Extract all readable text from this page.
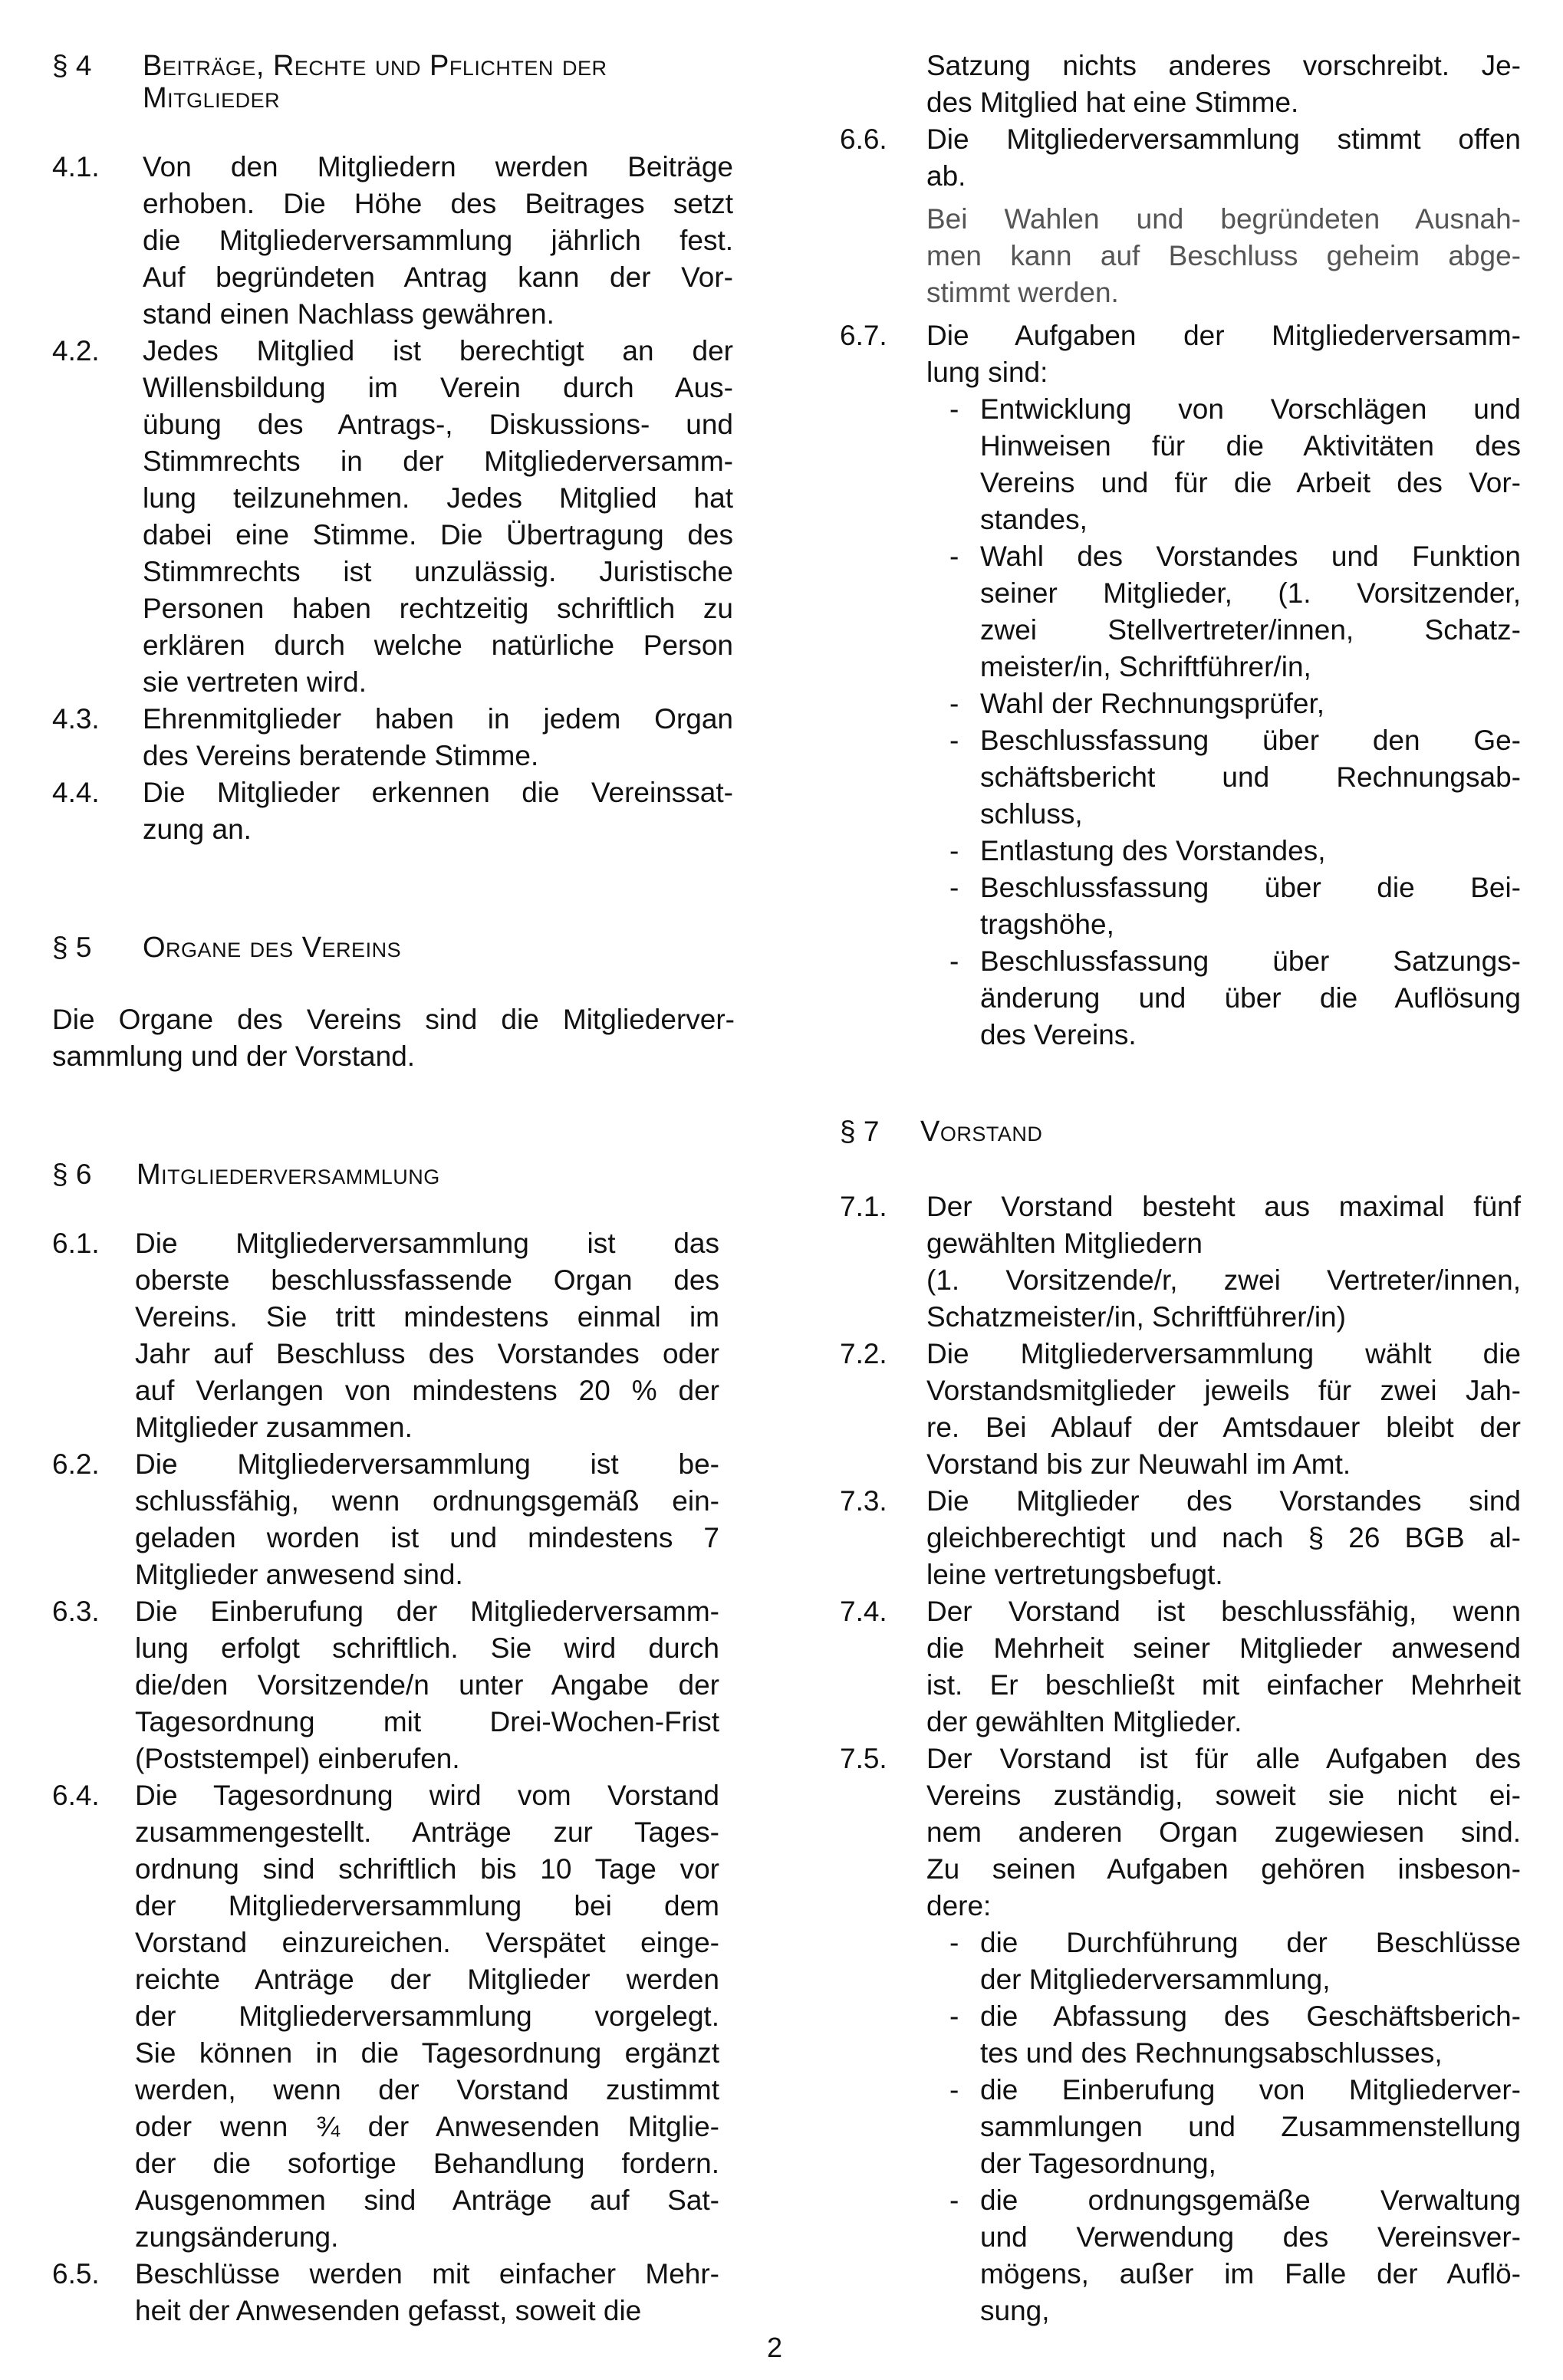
§ 4 Beiträge, Rechte und Pflichten der
Mitglieder
4.1. Von den Mitgliedern werden Beiträge
erhoben. Die Höhe des Beitrages setzt
die Mitgliederversammlung jährlich fest.
Auf begründeten Antrag kann der Vor-
stand einen Nachlass gewähren.
4.2. Jedes Mitglied ist berechtigt an der
Willensbildung im Verein durch Aus-
übung des Antrags-, Diskussions- und
Stimmrechts in der Mitgliederversamm-
lung teilzunehmen. Jedes Mitglied hat
dabei eine Stimme. Die Übertragung des
Stimmrechts ist unzulässig. Juristische
Personen haben rechtzeitig schriftlich zu
erklären durch welche natürliche Person
sie vertreten wird.
4.3. Ehrenmitglieder haben in jedem Organ
des Vereins beratende Stimme.
4.4. Die Mitglieder erkennen die Vereinssat-
zung an.
§ 5 Organe des Vereins
Die Organe des Vereins sind die Mitgliederver-
sammlung und der Vorstand.
§ 6 Mitgliederversammlung
6.1. Die Mitgliederversammlung ist das
oberste beschlussfassende Organ des
Vereins. Sie tritt mindestens einmal im
Jahr auf Beschluss des Vorstandes oder
auf Verlangen von mindestens 20 % der
Mitglieder zusammen.
6.2. Die Mitgliederversammlung ist be-
schlussfähig, wenn ordnungsgemäß ein-
geladen worden ist und mindestens 7
Mitglieder anwesend sind.
6.3. Die Einberufung der Mitgliederversamm-
lung erfolgt schriftlich. Sie wird durch
die/den Vorsitzende/n unter Angabe der
Tagesordnung mit Drei-Wochen-Frist
(Poststempel) einberufen.
6.4. Die Tagesordnung wird vom Vorstand
zusammengestellt. Anträge zur Tages-
ordnung sind schriftlich bis 10 Tage vor
der Mitgliederversammlung bei dem
Vorstand einzureichen. Verspätet einge-
reichte Anträge der Mitglieder werden
der Mitgliederversammlung vorgelegt.
Sie können in die Tagesordnung ergänzt
werden, wenn der Vorstand zustimmt
oder wenn ¾ der Anwesenden Mitglie-
der die sofortige Behandlung fordern.
Ausgenommen sind Anträge auf Sat-
zungsänderung.
6.5. Beschlüsse werden mit einfacher Mehr-
heit der Anwesenden gefasst, soweit die
Satzung nichts anderes vorschreibt. Je-
des Mitglied hat eine Stimme.
6.6. Die Mitgliederversammlung stimmt offen
ab.
Bei Wahlen und begründeten Ausnah-
men kann auf Beschluss geheim abge-
stimmt werden.
6.7. Die Aufgaben der Mitgliederversamm-
lung sind:
- Entwicklung von Vorschlägen und
Hinweisen für die Aktivitäten des
Vereins und für die Arbeit des Vor-
standes,
- Wahl des Vorstandes und Funktion
seiner Mitglieder, (1. Vorsitzender,
zwei Stellvertreter/innen, Schatz-
meister/in, Schriftführer/in,
- Wahl der Rechnungsprüfer,
- Beschlussfassung über den Ge-
schäftsbericht und Rechnungsab-
schluss,
- Entlastung des Vorstandes,
- Beschlussfassung über die Bei-
tragshöhe,
- Beschlussfassung über Satzungs-
änderung und über die Auflösung
des Vereins.
§ 7 Vorstand
7.1. Der Vorstand besteht aus maximal fünf
gewählten Mitgliedern
(1. Vorsitzende/r, zwei Vertreter/innen,
Schatzmeister/in, Schriftführer/in)
7.2. Die Mitgliederversammlung wählt die
Vorstandsmitglieder jeweils für zwei Jah-
re. Bei Ablauf der Amtsdauer bleibt der
Vorstand bis zur Neuwahl im Amt.
7.3. Die Mitglieder des Vorstandes sind
gleichberechtigt und nach § 26 BGB al-
leine vertretungsbefugt.
7.4. Der Vorstand ist beschlussfähig, wenn
die Mehrheit seiner Mitglieder anwesend
ist. Er beschließt mit einfacher Mehrheit
der gewählten Mitglieder.
7.5. Der Vorstand ist für alle Aufgaben des
Vereins zuständig, soweit sie nicht ei-
nem anderen Organ zugewiesen sind.
Zu seinen Aufgaben gehören insbeson-
dere:
- die Durchführung der Beschlüsse
der Mitgliederversammlung,
- die Abfassung des Geschäftsberich-
tes und des Rechnungsabschlusses,
- die Einberufung von Mitgliederver-
sammlungen und Zusammenstellung
der Tagesordnung,
- die ordnungsgemäße Verwaltung
und Verwendung des Vereinsver-
mögens, außer im Falle der Auflö-
sung,
2
